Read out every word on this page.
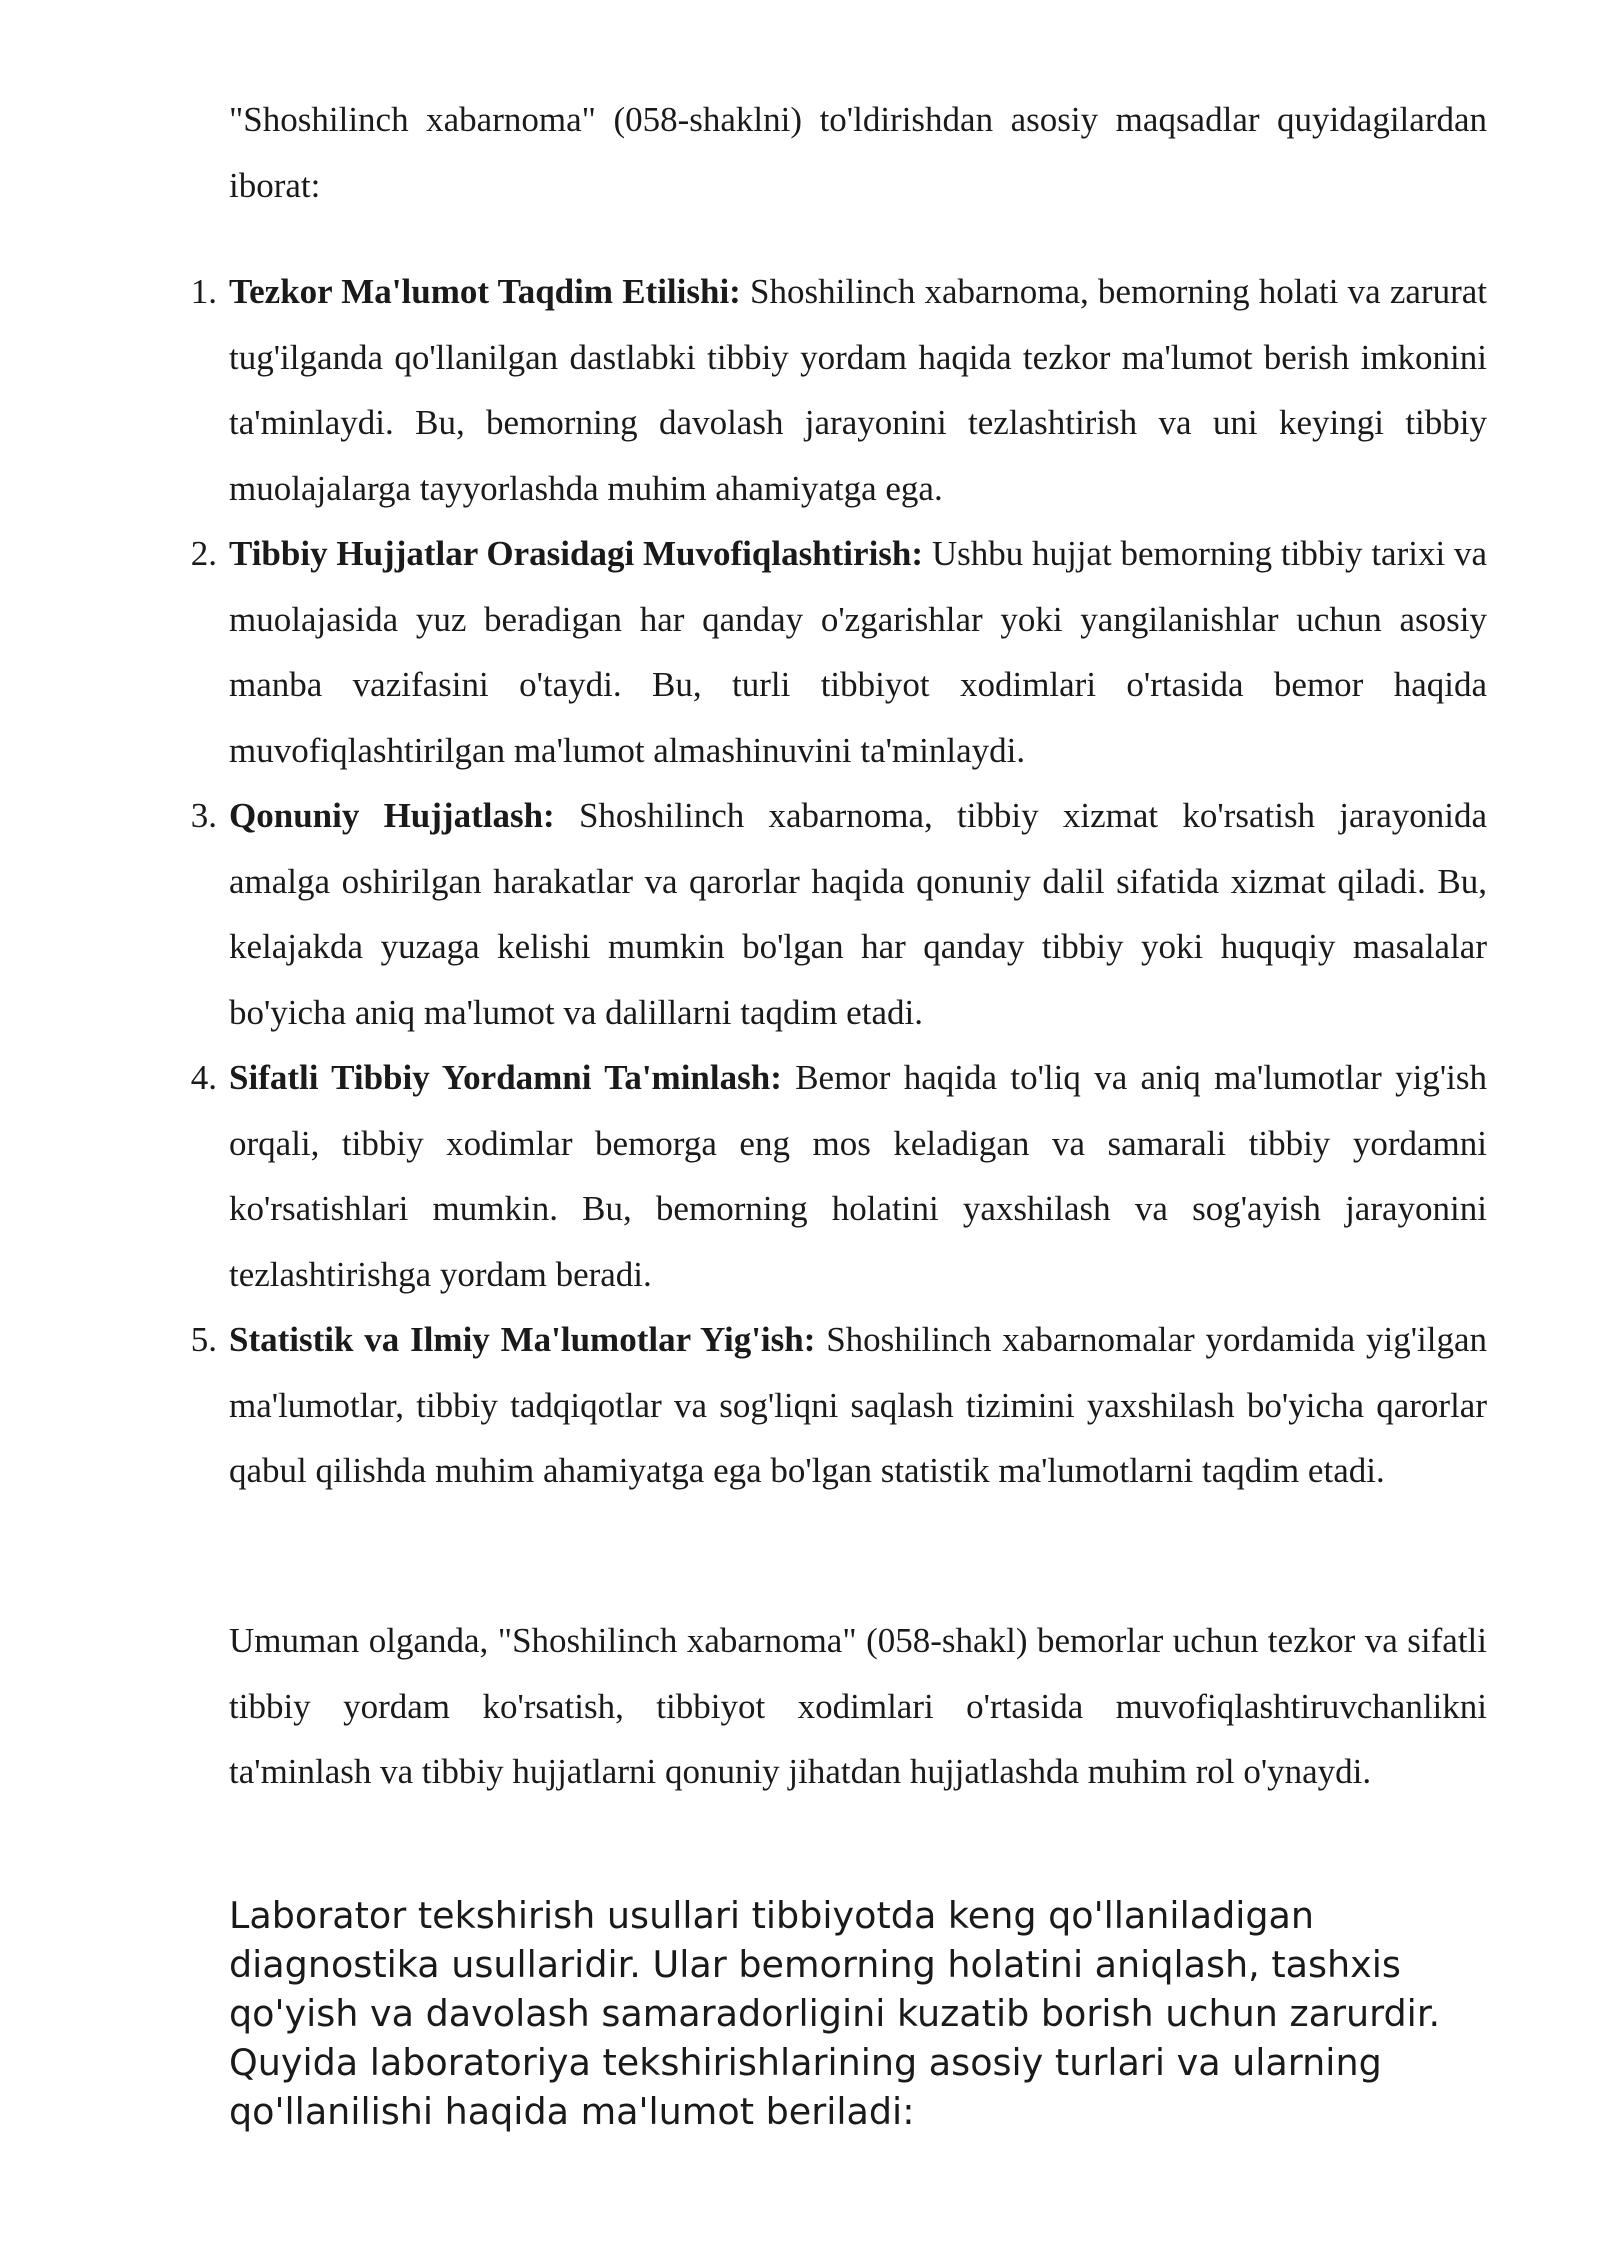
"Shoshilinch xabarnoma" (058-shaklni) to'ldirishdan asosiy maqsadlar quyidagilardan iborat:

1. Tezkor Ma'lumot Taqdim Etilishi: Shoshilinch xabarnoma, bemorning holati va zarurat tug'ilganda qo'llanilgan dastlabki tibbiy yordam haqida tezkor ma'lumot berish imkonini ta'minlaydi. Bu, bemorning davolash jarayonini tezlashtirish va uni keyingi tibbiy muolajalarga tayyorlashda muhim ahamiyatga ega.
2. Tibbiy Hujjatlar Orasidagi Muvofiqlashtirish: Ushbu hujjat bemorning tibbiy tarixi va muolajasida yuz beradigan har qanday o'zgarishlar yoki yangilanishlar uchun asosiy manba vazifasini o'taydi. Bu, turli tibbiyot xodimlari o'rtasida bemor haqida muvofiqlashtirilgan ma'lumot almashinuvini ta'minlaydi.
3. Qonuniy Hujjatlash: Shoshilinch xabarnoma, tibbiy xizmat ko'rsatish jarayonida amalga oshirilgan harakatlar va qarorlar haqida qonuniy dalil sifatida xizmat qiladi. Bu, kelajakda yuzaga kelishi mumkin bo'lgan har qanday tibbiy yoki huquqiy masalalar bo'yicha aniq ma'lumot va dalillarni taqdim etadi.
4. Sifatli Tibbiy Yordamni Ta'minlash: Bemor haqida to'liq va aniq ma'lumotlar yig'ish orqali, tibbiy xodimlar bemorga eng mos keladigan va samarali tibbiy yordamni ko'rsatishlari mumkin. Bu, bemorning holatini yaxshilash va sog'ayish jarayonini tezlashtirishga yordam beradi.
5. Statistik va Ilmiy Ma'lumotlar Yig'ish: Shoshilinch xabarnomalar yordamida yig'ilgan ma'lumotlar, tibbiy tadqiqotlar va sog'liqni saqlash tizimini yaxshilash bo'yicha qarorlar qabul qilishda muhim ahamiyatga ega bo'lgan statistik ma'lumotlarni taqdim etadi.

Umuman olganda, "Shoshilinch xabarnoma" (058-shakl) bemorlar uchun tezkor va sifatli tibbiy yordam ko'rsatish, tibbiyot xodimlari o'rtasida muvofiqlashtiruvchanlikni ta'minlash va tibbiy hujjatlarni qonuniy jihatdan hujjatlashda muhim rol o'ynaydi.

Laborator tekshirish usullari tibbiyotda keng qo'llaniladigan diagnostika usullaridir. Ular bemorning holatini aniqlash, tashxis qo'yish va davolash samaradorligini kuzatib borish uchun zarurdir. Quyida laboratoriya tekshirishlarining asosiy turlari va ularning qo'llanilishi haqida ma'lumot beriladi:
